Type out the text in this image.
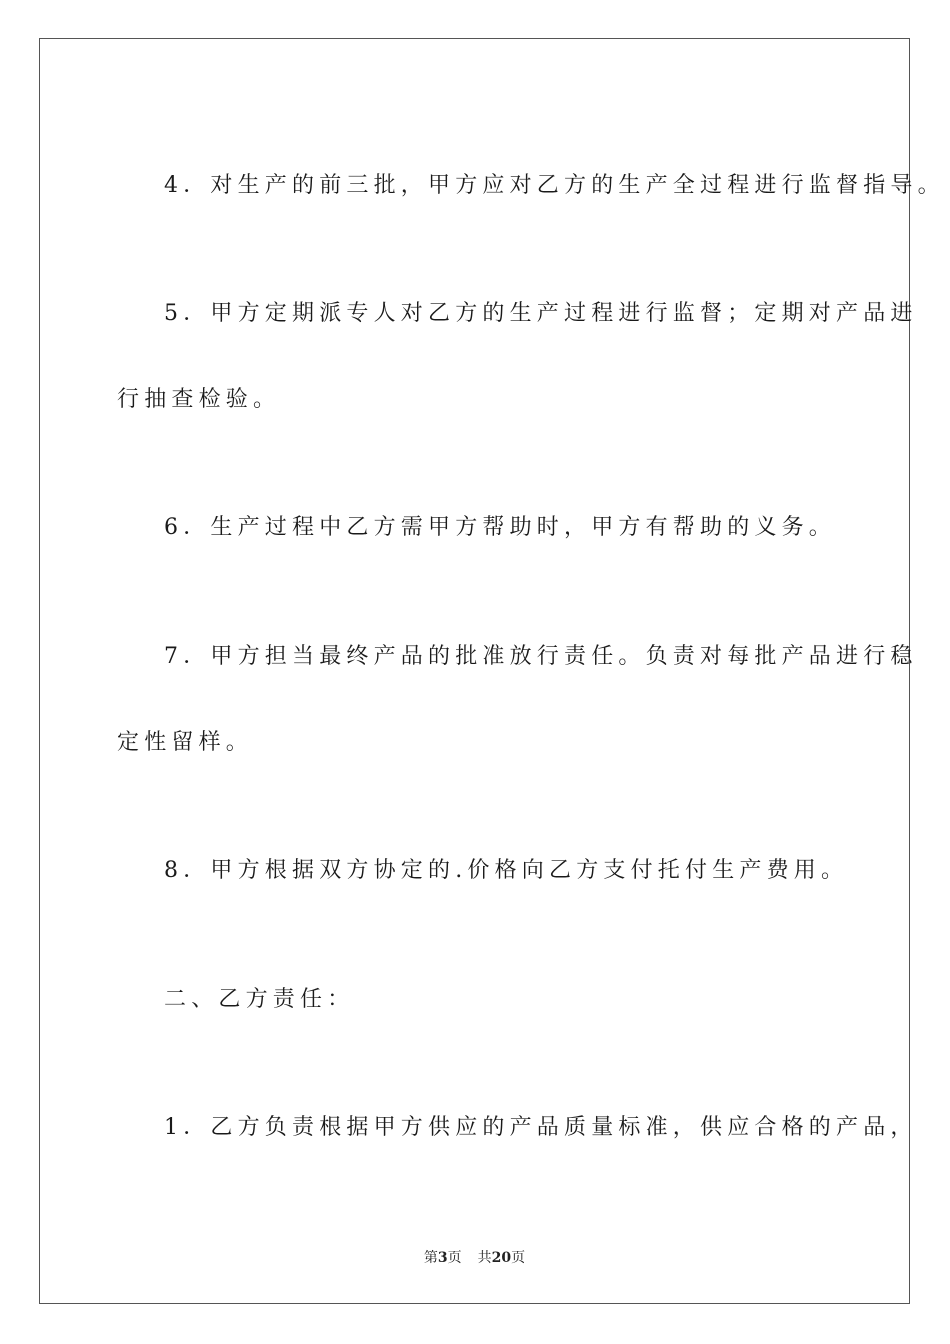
4．对生产的前三批，甲方应对乙方的生产全过程进行监督指导。
5．甲方定期派专人对乙方的生产过程进行监督；定期对产品进
行抽查检验。
6．生产过程中乙方需甲方帮助时，甲方有帮助的义务。
7．甲方担当最终产品的批准放行责任。负责对每批产品进行稳
定性留样。
8．甲方根据双方协定的.价格向乙方支付托付生产费用。
二、乙方责任：
1．乙方负责根据甲方供应的产品质量标准，供应合格的产品，
第3页 共20页
